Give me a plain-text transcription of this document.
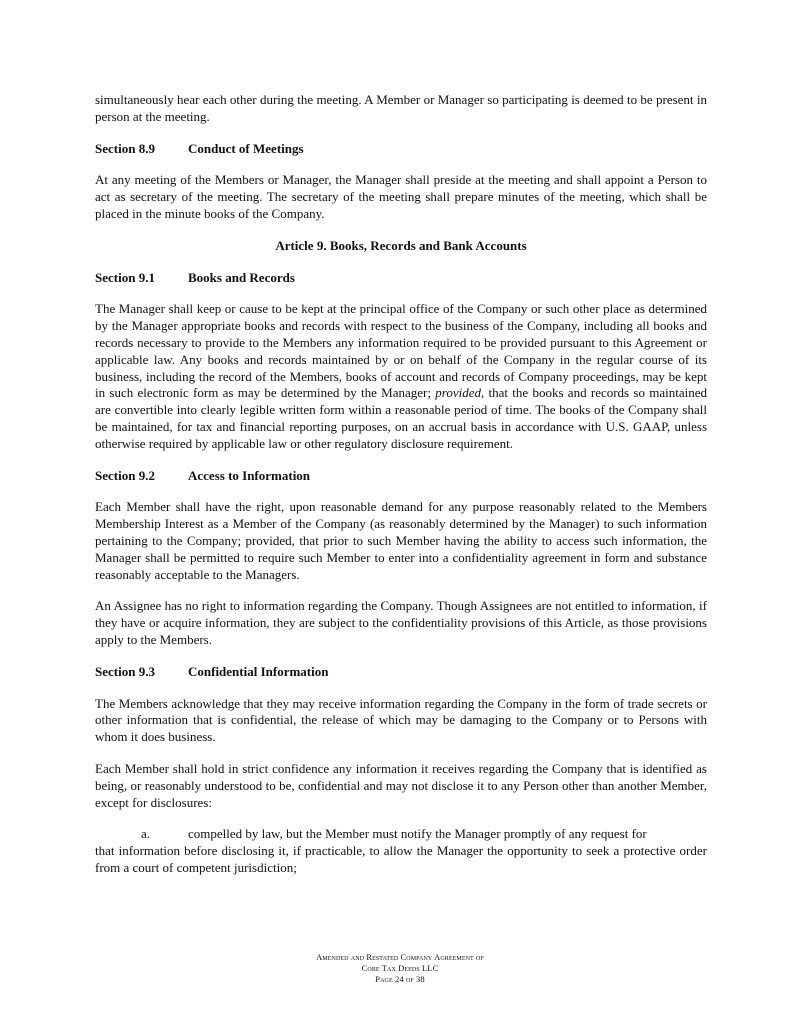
simultaneously hear each other during the meeting. A Member or Manager so participating is deemed to be present in person at the meeting.

Section 8.9	Conduct of Meetings

At any meeting of the Members or Manager, the Manager shall preside at the meeting and shall appoint a Person to act as secretary of the meeting. The secretary of the meeting shall prepare minutes of the meeting, which shall be placed in the minute books of the Company.

Article 9. Books, Records and Bank Accounts
Section 9.1	Books and Records

The Manager shall keep or cause to be kept at the principal office of the Company or such other place as determined by the Manager appropriate books and records with respect to the business of the Company, including all books and records necessary to provide to the Members any information required to be provided pursuant to this Agreement or applicable law. Any books and records maintained by or on behalf of the Company in the regular course of its business, including the record of the Members, books of account and records of Company proceedings, may be kept in such electronic form as may be determined by the Manager; provided, that the books and records so maintained are convertible into clearly legible written form within a reasonable period of time. The books of the Company shall be maintained, for tax and financial reporting purposes, on an accrual basis in accordance with U.S. GAAP, unless otherwise required by applicable law or other regulatory disclosure requirement.

Section 9.2	Access to Information

Each Member shall have the right, upon reasonable demand for any purpose reasonably related to the Members Membership Interest as a Member of the Company (as reasonably determined by the Manager) to such information pertaining to the Company; provided, that prior to such Member having the ability to access such information, the Manager shall be permitted to require such Member to enter into a confidentiality agreement in form and substance reasonably acceptable to the Managers.

An Assignee has no right to information regarding the Company. Though Assignees are not entitled to information, if they have or acquire information, they are subject to the confidentiality provisions of this Article, as those provisions apply to the Members.

Section 9.3	Confidential Information

The Members acknowledge that they may receive information regarding the Company in the form of trade secrets or other information that is confidential, the release of which may be damaging to the Company or to Persons with whom it does business.

Each Member shall hold in strict confidence any information it receives regarding the Company that is identified as being, or reasonably understood to be, confidential and may not disclose it to any Person other than another Member, except for disclosures:

a.	compelled by law, but the Member must notify the Manager promptly of any request for

that information before disclosing it, if practicable, to allow the Manager the opportunity to seek a protective order from a court of competent jurisdiction;

Amended and Restated Company Agreement of
Core Tax Deeds LLC
Page 24 of 38
